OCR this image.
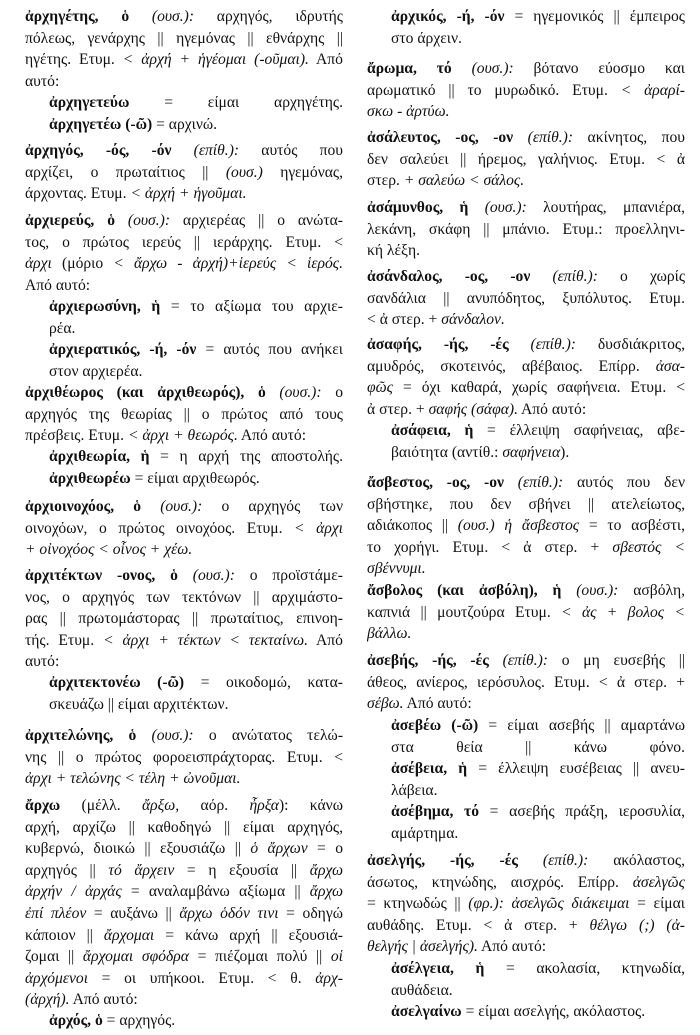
ἀρχηγέτης, ὁ (ουσ.): αρχηγός, ιδρυτής
πόλεως, γενάρχης || ηγεμόνας || εθνάρχης ||
ηγέτης. Ετυμ. < ἀρχή + ἡγέομαι (-οῦμαι). Από
αυτό:
ἀρχηγετεύω = είμαι αρχηγέτης.
ἀρχηγετέω (-ῶ) = αρχινώ.
ἀρχηγός, -ός, -όν (επίθ.): αυτός που
αρχίζει, ο πρωταίτιος || (ουσ.) ηγεμόνας,
άρχοντας. Ετυμ. < ἀρχή + ἡγοῦμαι.
ἀρχιερεύς, ὁ (ουσ.): αρχιερέας || ο ανώτα-
τος, ο πρώτος ιερεύς || ιεράρχης. Ετυμ. <
ἀρχι (μόριο < ἄρχω - ἀρχή)+ἱερεύς < ἱερός.
Από αυτό:
ἀρχιερωσύνη, ἡ = το αξίωμα του αρχιε-
ρέα.
ἀρχιερατικός, -ή, -όν = αυτός που ανήκει
στον αρχιερέα.
ἀρχιθέωρος (και ἀρχιθεωρός), ὁ (ουσ.): ο
αρχηγός της θεωρίας || ο πρώτος από τους
πρέσβεις. Ετυμ. < ἀρχι + θεωρός. Από αυτό:
ἀρχιθεωρία, ἡ = η αρχή της αποστολής.
ἀρχιθεωρέω = είμαι αρχιθεωρός.
ἀρχιοινοχόος, ὁ (ουσ.): ο αρχηγός των
οινοχόων, ο πρώτος οινοχόος. Ετυμ. < ἀρχι
+ οἰνοχόος < οἶνος + χέω.
ἀρχιτέκτων -ονος, ὁ (ουσ.): ο προϊστάμε-
νος, ο αρχηγός των τεκτόνων || αρχιμάστο-
ρας || πρωτομάστορας || πρωταίτιος, επινοη-
τής. Ετυμ. < ἀρχι + τέκτων < τεκταίνω. Από
αυτό:
ἀρχιτεκτονέω (-ῶ) = οικοδομώ, κατα-
σκευάζω || είμαι αρχιτέκτων.
ἀρχιτελώνης, ὁ (ουσ.): ο ανώτατος τελώ-
νης || ο πρώτος φοροεισπράχτορας. Ετυμ. <
ἀρχι + τελώνης < τέλη + ὠνοῦμαι.
ἄρχω (μέλλ. ἄρξω, αόρ. ἦρξα): κάνω
αρχή, αρχίζω || καθοδηγώ || είμαι αρχηγός,
κυβερνώ, διοικώ || εξουσιάζω || ὁ ἄρχων = ο
αρχηγός || τό ἄρχειν = η εξουσία || ἄρχω
ἀρχήν / ἀρχάς = αναλαμβάνω αξίωμα || ἄρχω
ἐπί πλέον = αυξάνω || ἄρχω ὁδόν τινι = οδηγώ
κάποιον || ἄρχομαι = κάνω αρχή || εξουσιά-
ζομαι || ἄρχομαι σφόδρα = πιέζομαι πολύ || οἱ
ἀρχόμενοι = οι υπήκοοι. Ετυμ. < θ. ἀρχ-
(ἀρχή). Από αυτό:
ἀρχός, ὁ = αρχηγός.
ἀρχικός, -ή, -όν = ηγεμονικός || έμπειρος
στο άρχειν.
ἄρωμα, τό (ουσ.): βότανο εύοσμο και
αρωματικό || το μυρωδικό. Ετυμ. < ἀραρί-
σκω - ἀρτύω.
ἀσάλευτος, -ος, -ον (επίθ.): ακίνητος, που
δεν σαλεύει || ήρεμος, γαλήνιος. Ετυμ. < ἀ
στερ. + σαλεύω < σάλος.
ἀσάμυνθος, ἡ (ουσ.): λουτήρας, μπανιέρα,
λεκάνη, σκάφη || μπάνιο. Ετυμ.: προελληνι-
κή λέξη.
ἀσάνδαλος, -ος, -ον (επίθ.): ο χωρίς
σανδάλια || ανυπόδητος, ξυπόλυτος. Ετυμ.
< ἀ στερ. + σάνδαλον.
ἀσαφής, -ής, -ές (επίθ.): δυσδιάκριτος,
αμυδρός, σκοτεινός, αβέβαιος. Επίρρ. ἀσα-
φῶς = όχι καθαρά, χωρίς σαφήνεια. Ετυμ. <
ἀ στερ. + σαφής (σάφα). Από αυτό:
ἀσάφεια, ἡ = έλλειψη σαφήνειας, αβε-
βαιότητα (αντίθ.: σαφήνεια).
ἄσβεστος, -ος, -ον (επίθ.): αυτός που δεν
σβήστηκε, που δεν σβήνει || ατελείωτος,
αδιάκοπος || (ουσ.) ἡ ἄσβεστος = το ασβέστι,
το χορήγι. Ετυμ. < ἀ στερ. + σβεστός <
σβέννυμι.
ἄσβολος (και ἀσβόλη), ἡ (ουσ.): ασβόλη,
καπνιά || μουτζούρα Ετυμ. < ἀς + βολος <
βάλλω.
ἀσεβής, -ής, -ές (επίθ.): ο μη ευσεβής ||
άθεος, ανίερος, ιερόσυλος. Ετυμ. < ἀ στερ. +
σέβω. Από αυτό:
ἀσεβέω (-ῶ) = είμαι ασεβής || αμαρτάνω
στα θεία || κάνω φόνο.
ἀσέβεια, ἡ = έλλειψη ευσέβειας || ανευ-
λάβεια.
ἀσέβημα, τό = ασεβής πράξη, ιεροσυλία,
αμάρτημα.
ἀσελγής, -ής, -ές (επίθ.): ακόλαστος,
άσωτος, κτηνώδης, αισχρός. Επίρρ. ἀσελγῶς
= κτηνωδώς || (φρ.): ἀσελγῶς διάκειμαι = είμαι
αυθάδης. Ετυμ. < ἀ στερ. + θέλγω (;) (ἀ-
θελγής | ἀσελγής). Από αυτό:
ἀσέλγεια, ἡ = ακολασία, κτηνωδία,
αυθάδεια.
ἀσελγαίνω = είμαι ασελγής, ακόλαστος.
